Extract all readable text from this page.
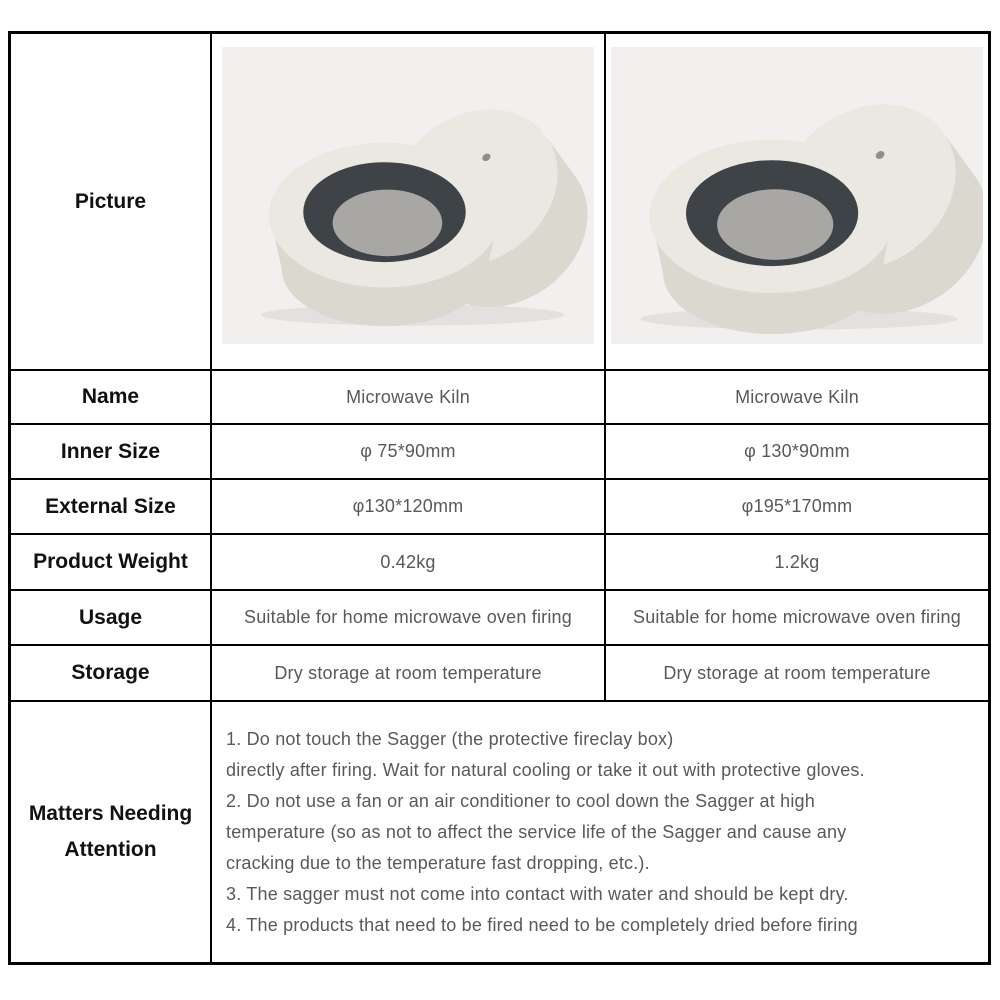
Picture
Name	Microwave Kiln	Microwave Kiln
Inner Size	φ 75*90mm	φ 130*90mm
External Size	φ130*120mm	φ195*170mm
Product Weight	0.42kg	1.2kg
Usage	Suitable for home microwave oven firing	Suitable for home microwave oven firing
Storage	Dry storage at room temperature	Dry storage at room temperature
Matters Needing Attention
1. Do not touch the Sagger (the protective fireclay box)
directly after firing. Wait for natural cooling or take it out with protective gloves.
2. Do not use a fan or an air conditioner to cool down the Sagger at high
temperature (so as not to affect the service life of the Sagger and cause any
cracking due to the temperature fast dropping, etc.).
3. The sagger must not come into contact with water and should be kept dry.
4. The products that need to be fired need to be completely dried before firing
